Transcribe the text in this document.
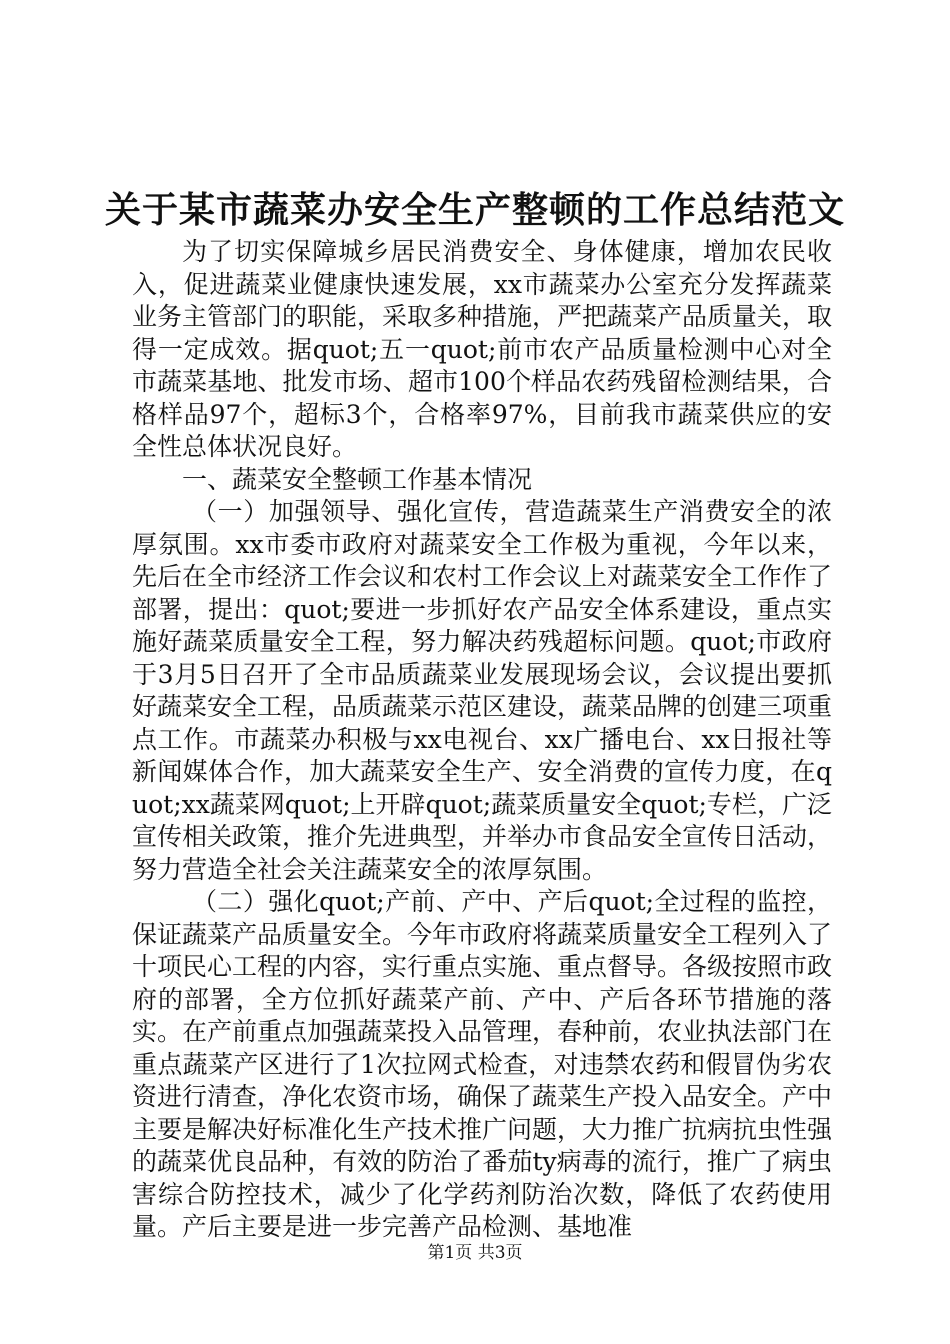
关于某市蔬菜办安全生产整顿的工作总结范文

为了切实保障城乡居民消费安全、身体健康，增加农民收入，促进蔬菜业健康快速发展，xx市蔬菜办公室充分发挥蔬菜业务主管部门的职能，采取多种措施，严把蔬菜产品质量关，取得一定成效。据quot;五一quot;前市农产品质量检测中心对全市蔬菜基地、批发市场、超市100个样品农药残留检测结果，合格样品97个，超标3个，合格率97%，目前我市蔬菜供应的安全性总体状况良好。

一、蔬菜安全整顿工作基本情况

（一）加强领导、强化宣传，营造蔬菜生产消费安全的浓厚氛围。xx市委市政府对蔬菜安全工作极为重视，今年以来，先后在全市经济工作会议和农村工作会议上对蔬菜安全工作作了部署，提出：quot;要进一步抓好农产品安全体系建设，重点实施好蔬菜质量安全工程，努力解决药残超标问题。quot;市政府于3月5日召开了全市品质蔬菜业发展现场会议，会议提出要抓好蔬菜安全工程，品质蔬菜示范区建设，蔬菜品牌的创建三项重点工作。市蔬菜办积极与xx电视台、xx广播电台、xx日报社等新闻媒体合作，加大蔬菜安全生产、安全消费的宣传力度，在quot;xx蔬菜网quot;上开辟quot;蔬菜质量安全quot;专栏，广泛宣传相关政策，推介先进典型，并举办市食品安全宣传日活动，努力营造全社会关注蔬菜安全的浓厚氛围。

（二）强化quot;产前、产中、产后quot;全过程的监控，保证蔬菜产品质量安全。今年市政府将蔬菜质量安全工程列入了十项民心工程的内容，实行重点实施、重点督导。各级按照市政府的部署，全方位抓好蔬菜产前、产中、产后各环节措施的落实。在产前重点加强蔬菜投入品管理，春种前，农业执法部门在重点蔬菜产区进行了1次拉网式检查，对违禁农药和假冒伪劣农资进行清查，净化农资市场，确保了蔬菜生产投入品安全。产中主要是解决好标准化生产技术推广问题，大力推广抗病抗虫性强的蔬菜优良品种，有效的防治了番茄ty病毒的流行，推广了病虫害综合防控技术，减少了化学药剂防治次数，降低了农药使用量。产后主要是进一步完善产品检测、基地准

第1页 共3页
